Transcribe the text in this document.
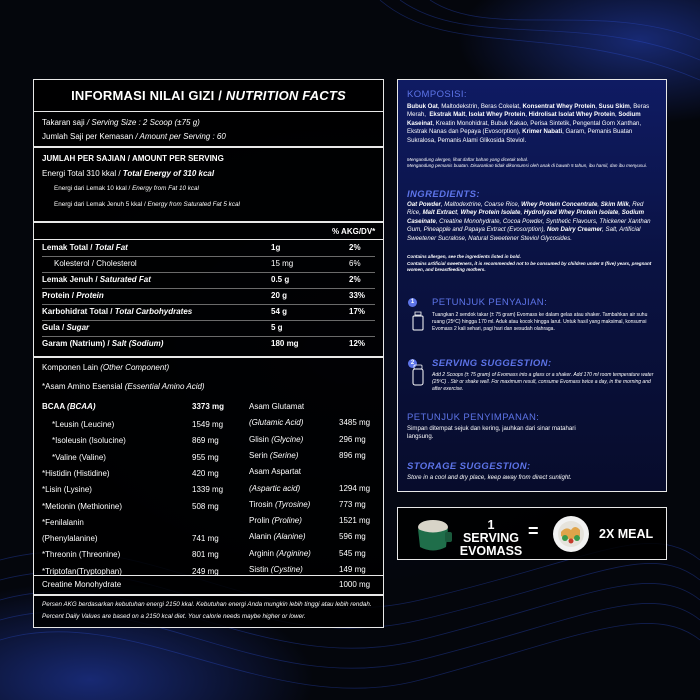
INFORMASI NILAI GIZI / NUTRITION FACTS
Takaran saji / Serving Size : 2 Scoop (±75 g)
Jumlah Saji per Kemasan / Amount per Serving : 60
JUMLAH PER SAJIAN / AMOUNT PER SERVING
Energi Total 310 kkal / Total Energy of 310 kcal
Energi dari Lemak 10 kkal / Energy from Fat 10 kcal
Energi dari Lemak Jenuh 5 kkal / Energy from Saturated Fat 5 kcal
% AKG/DV*
Lemak Total / Total Fat	1g	2%
Kolesterol / Cholesterol	15 mg	6%
Lemak Jenuh / Saturated Fat	0.5 g	2%
Protein / Protein	20 g	33%
Karbohidrat Total / Total Carbohydrates	54 g	17%
Gula / Sugar	5 g
Garam (Natrium) / Salt (Sodium)	180 mg	12%
Komponen Lain (Other Component)
*Asam Amino Esensial (Essential Amino Acid)
BCAA (BCAA)	3373 mg
*Leusin (Leucine)	1549 mg
*Isoleusin (Isolucine)	869 mg
*Valine (Valine)	955 mg
*Histidin (Histidine)	420 mg
*Lisin (Lysine)	1339 mg
*Metionin (Methionine)	508 mg
*Fenilalanin
(Phenylalanine)	741 mg
*Threonin (Threonine)	801 mg
*Triptofan(Tryptophan)	249 mg
Asam Glutamat
(Glutamic Acid)	3485 mg
Glisin (Glycine)	296 mg
Serin (Serine)	896 mg
Asam Aspartat
(Aspartic acid)	1294 mg
Tirosin (Tyrosine)	773 mg
Prolin (Proline)	1521 mg
Alanin (Alanine)	596 mg
Arginin (Arginine)	545 mg
Sistin (Cystine)	149 mg
Creatine Monohydrate	1000 mg
Persen AKG berdasarkan kebutuhan energi 2150 kkal. Kebutuhan energi Anda mungkin lebih tinggi atau lebih rendah.
Percent Daily Values are based on a 2150 kcal diet. Your calorie needs maybe higher or lower.
KOMPOSISI:
Bubuk Oat, Maltodekstrin, Beras Cokelat, Konsentrat Whey Protein, Susu Skim, Beras Merah,  Ekstrak Malt, Isolat Whey Protein, Hidrolisat Isolat Whey Protein, Sodium Kaseinat, Kreatin Monohidrat, Bubuk Kakao, Perisa Sintetik, Pengental Gom Xanthan, Ekstrak Nanas dan Pepaya (Evosorption), Krimer Nabati, Garam, Pemanis Buatan Sukralosa, Pemanis Alami Glikosida Steviol.
Mengandung alergen, lihat daftar bahan yang dicetak tebal.
Mengandung pemanis buatan. Disarankan tidak dikonsumsi oleh anak di bawah 5 tahun, ibu hamil, dan ibu menyusui.
INGREDIENTS:
Oat Powder, Maltodextrine, Coarse Rice, Whey Protein Concentrate, Skim Milk, Red Rice, Malt Extract, Whey Protein Isolate, Hydrolyzed Whey Protein Isolate, Sodium Caseinate, Creatine Monohydrate, Cocoa Powder, Synthetic Flavours, Thickener Xanthan Gum, Pineapple and Papaya Extract (Evosorption), Non Dairy Creamer, Salt, Artificial Sweetener Sucralose, Natural Sweetener Steviol Glycosides.
Contains allergen, see the ingredients listed in bold.
Contains artificial sweeteners, it is recommended not to be consumed by children under 5 (five) years, pregnant women, and breastfeeding mothers.
1 PETUNJUK PENYAJIAN:
Tuangkan 2 sendok takar (± 75 gram) Evomass ke dalam gelas atau shaker. Tambahkan air suhu ruang (25ºC) hingga 170 ml. Aduk atau kocok hingga larut. Untuk hasil yang maksimal, konsumsi Evomass 2 kali sehari, pagi hari dan sesudah olahraga.
2 SERVING SUGGESTION:
Add 2 Scoops (± 75 gram) of Evomass into a glass or a shaker. Add 170 ml room temperature water (25ºC) . Stir or shake well. For maximum result, consume Evomass twice a day, in the morning and after exercise.
PETUNJUK PENYIMPANAN:
Simpan ditempat sejuk dan kering, jauhkan dari sinar matahari langsung.
STORAGE SUGGESTION:
Store in a cool and dry place, keep away from direct sunlight.
1 SERVING
EVOMASS
=	2X MEAL
